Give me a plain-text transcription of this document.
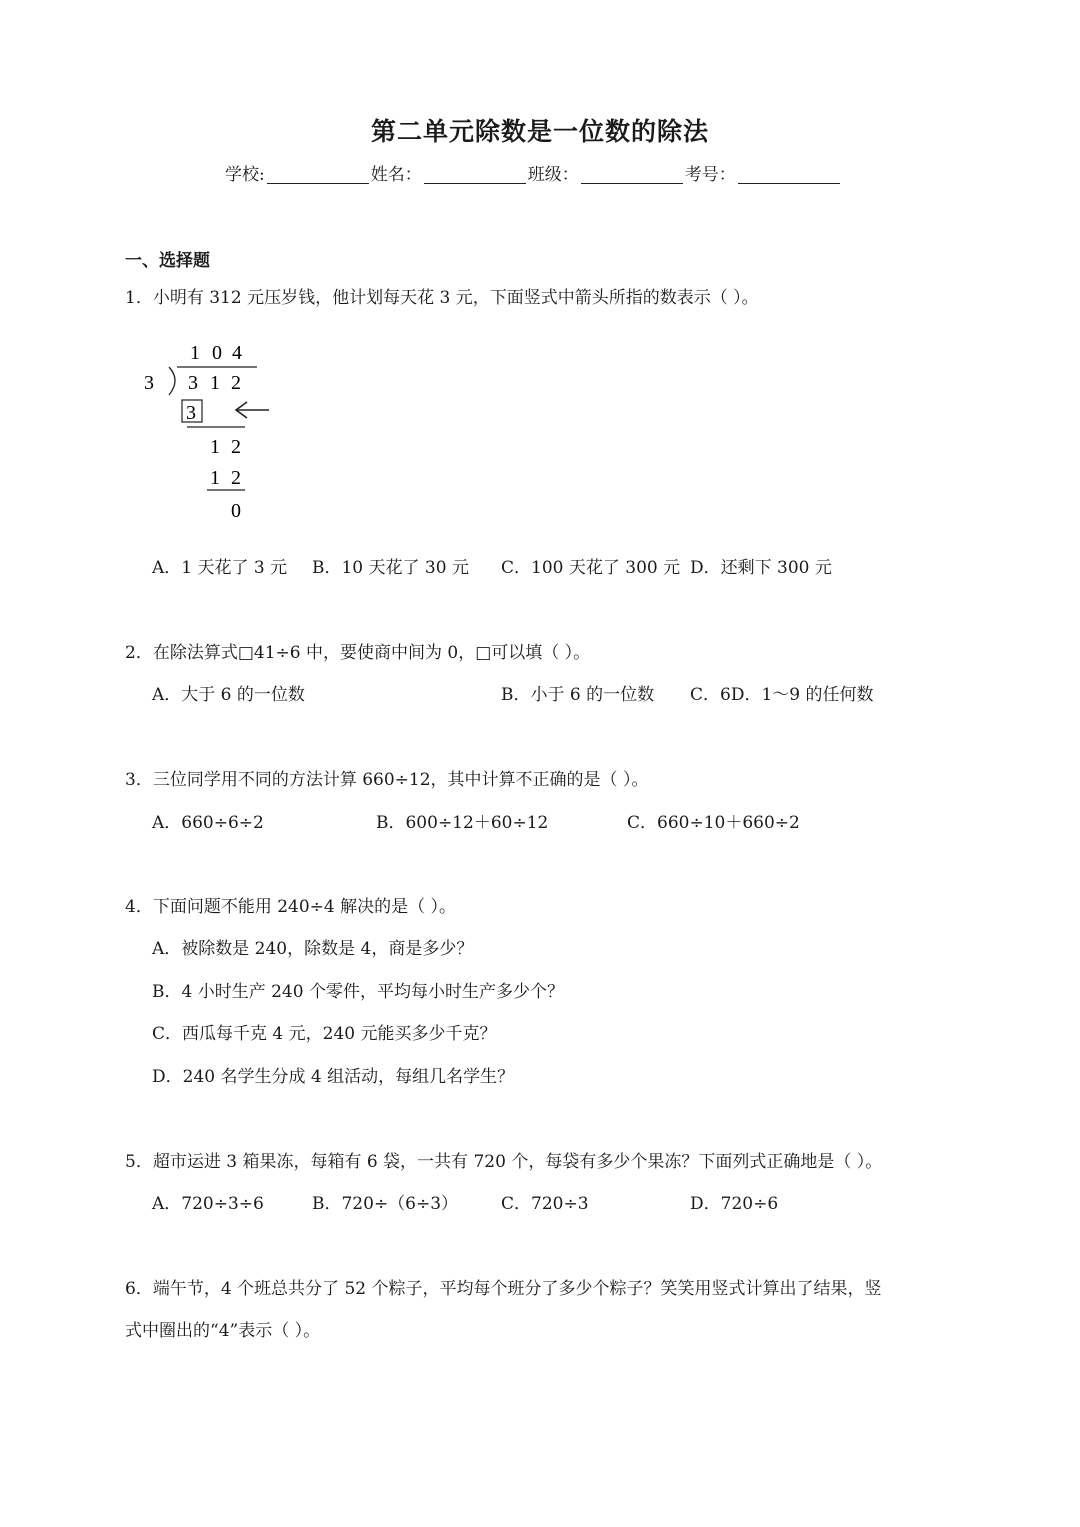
第二单元除数是一位数的除法
学校:	姓名：	班级：	考号：
一、选择题
1．小明有 312 元压岁钱，他计划每天花 3 元，下面竖式中箭头所指的数表示（ ）。
1 0 4
3 3 1 2
3
1 2
1 2
0
A．1 天花了 3 元 B．10 天花了 30 元 C．100 天花了 300 元 D．还剩下 300 元
2．在除法算式□41÷6 中，要使商中间为 0，□可以填（ ）。
A．大于 6 的一位数	B．小于 6 的一位数 C．6D．1～9 的任何数
3．三位同学用不同的方法计算 660÷12，其中计算不正确的是（ ）。
A．660÷6÷2	B．600÷12＋60÷12	C．660÷10＋660÷2
4．下面问题不能用 240÷4 解决的是（ ）。
A．被除数是 240，除数是 4，商是多少？
B．4 小时生产 240 个零件，平均每小时生产多少个？
C．西瓜每千克 4 元，240 元能买多少千克？
D．240 名学生分成 4 组活动，每组几名学生？
5．超市运进 3 箱果冻，每箱有 6 袋，一共有 720 个，每袋有多少个果冻？下面列式正确地是（ ）。
A．720÷3÷6	B．720÷（6÷3）	C．720÷3	D．720÷6
6．端午节，4 个班总共分了 52 个粽子，平均每个班分了多少个粽子？笑笑用竖式计算出了结果，竖
式中圈出的“4”表示（ ）。
